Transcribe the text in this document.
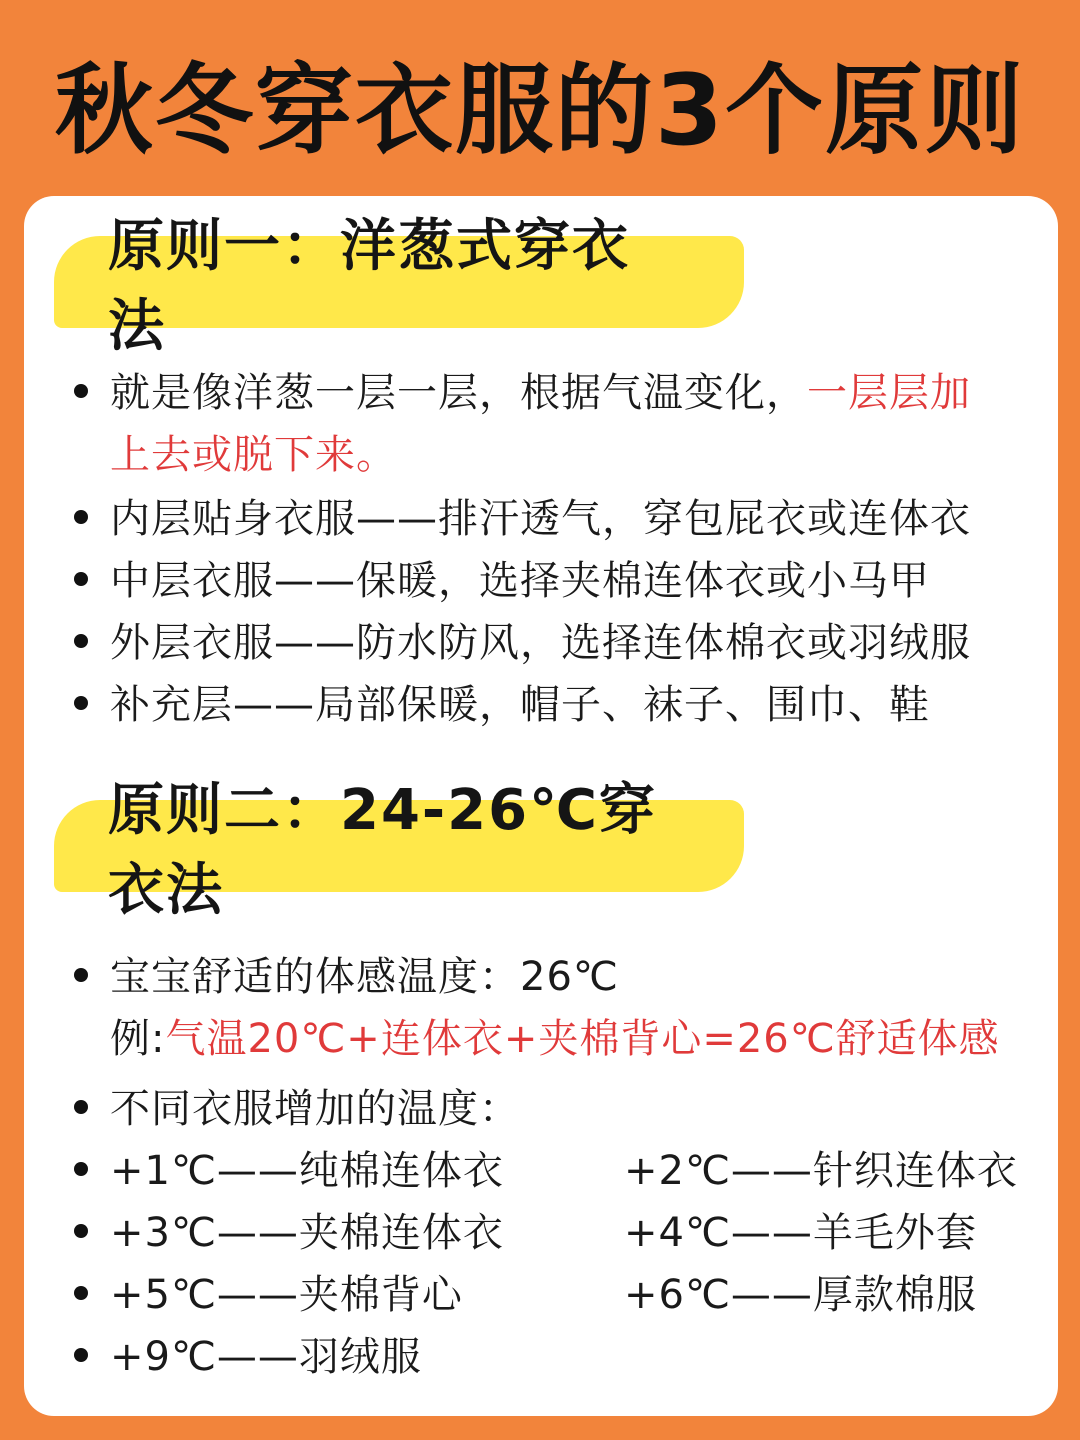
秋冬穿衣服的3个原则
原则一：洋葱式穿衣法
就是像洋葱一层一层，根据气温变化，一层层加
上去或脱下来。
内层贴身衣服——排汗透气，穿包屁衣或连体衣
中层衣服——保暖，选择夹棉连体衣或小马甲
外层衣服——防水防风，选择连体棉衣或羽绒服
补充层——局部保暖，帽子、袜子、围巾、鞋
原则二：24-26℃穿衣法
宝宝舒适的体感温度：26℃
例:气温20℃+连体衣+夹棉背心=26℃舒适体感
不同衣服增加的温度：
+1℃——纯棉连体衣	+2℃——针织连体衣
+3℃——夹棉连体衣	+4℃——羊毛外套
+5℃——夹棉背心	+6℃——厚款棉服
+9℃——羽绒服
